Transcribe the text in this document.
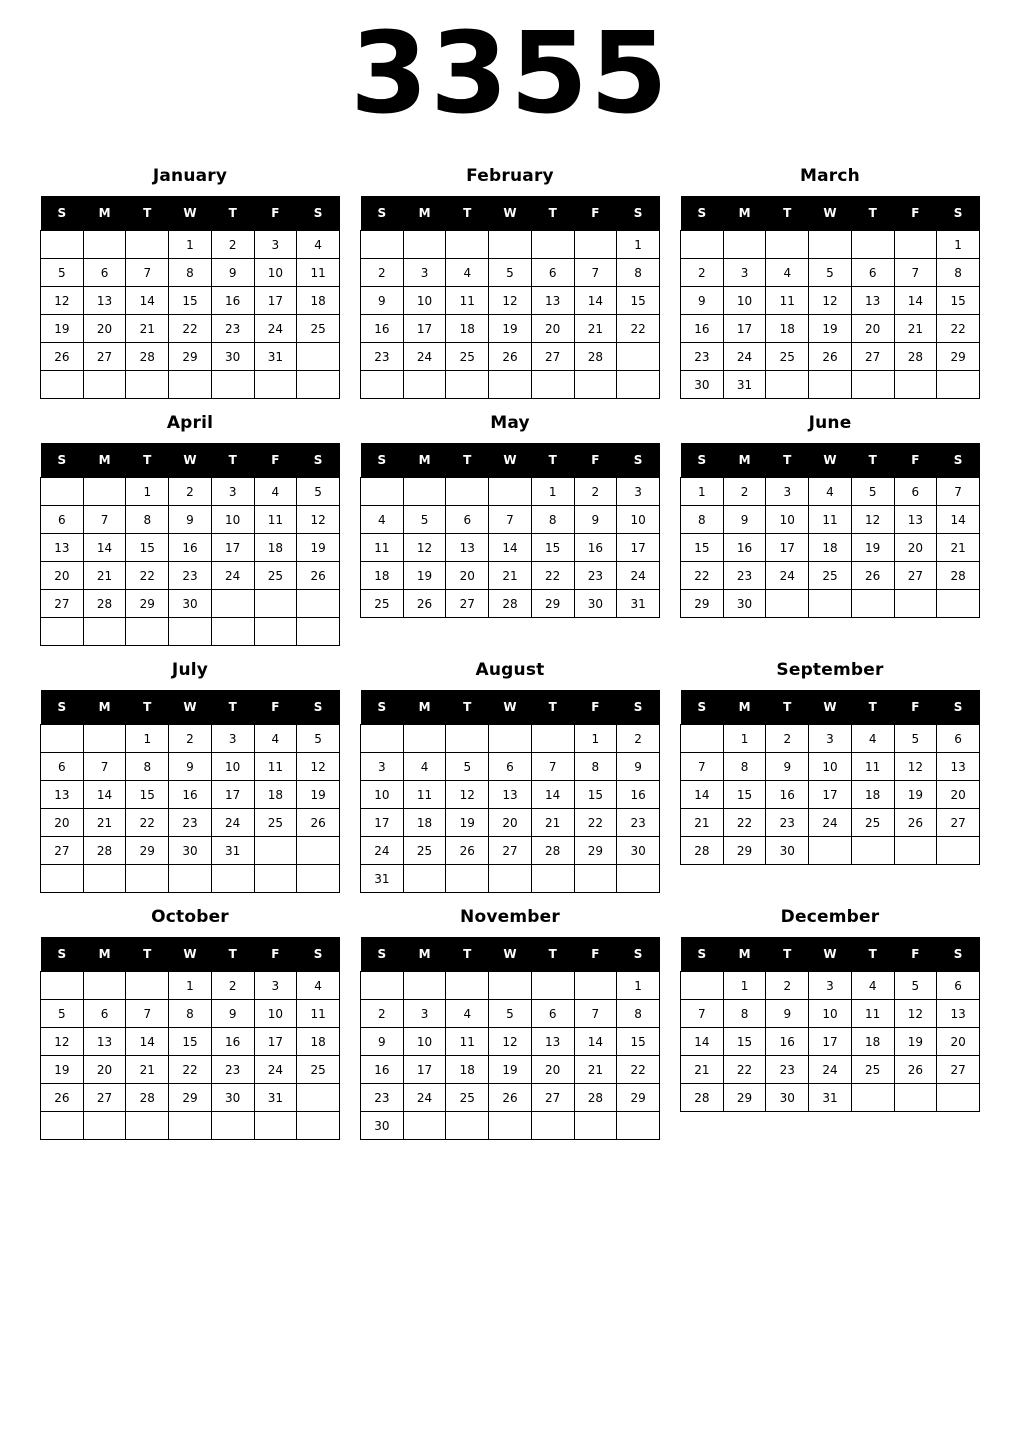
3355
January
S	M	T	W	T	F	S
			1	2	3	4
5	6	7	8	9	10	11
12	13	14	15	16	17	18
19	20	21	22	23	24	25
26	27	28	29	30	31	

February
S	M	T	W	T	F	S
						1
2	3	4	5	6	7	8
9	10	11	12	13	14	15
16	17	18	19	20	21	22
23	24	25	26	27	28	

March
S	M	T	W	T	F	S
						1
2	3	4	5	6	7	8
9	10	11	12	13	14	15
16	17	18	19	20	21	22
23	24	25	26	27	28	29
30	31					
April
S	M	T	W	T	F	S
		1	2	3	4	5
6	7	8	9	10	11	12
13	14	15	16	17	18	19
20	21	22	23	24	25	26
27	28	29	30			

May
S	M	T	W	T	F	S
				1	2	3
4	5	6	7	8	9	10
11	12	13	14	15	16	17
18	19	20	21	22	23	24
25	26	27	28	29	30	31
June
S	M	T	W	T	F	S
1	2	3	4	5	6	7
8	9	10	11	12	13	14
15	16	17	18	19	20	21
22	23	24	25	26	27	28
29	30					
July
S	M	T	W	T	F	S
		1	2	3	4	5
6	7	8	9	10	11	12
13	14	15	16	17	18	19
20	21	22	23	24	25	26
27	28	29	30	31		

August
S	M	T	W	T	F	S
					1	2
3	4	5	6	7	8	9
10	11	12	13	14	15	16
17	18	19	20	21	22	23
24	25	26	27	28	29	30
31						
September
S	M	T	W	T	F	S
	1	2	3	4	5	6
7	8	9	10	11	12	13
14	15	16	17	18	19	20
21	22	23	24	25	26	27
28	29	30				
October
S	M	T	W	T	F	S
			1	2	3	4
5	6	7	8	9	10	11
12	13	14	15	16	17	18
19	20	21	22	23	24	25
26	27	28	29	30	31	

November
S	M	T	W	T	F	S
						1
2	3	4	5	6	7	8
9	10	11	12	13	14	15
16	17	18	19	20	21	22
23	24	25	26	27	28	29
30						
December
S	M	T	W	T	F	S
	1	2	3	4	5	6
7	8	9	10	11	12	13
14	15	16	17	18	19	20
21	22	23	24	25	26	27
28	29	30	31			
